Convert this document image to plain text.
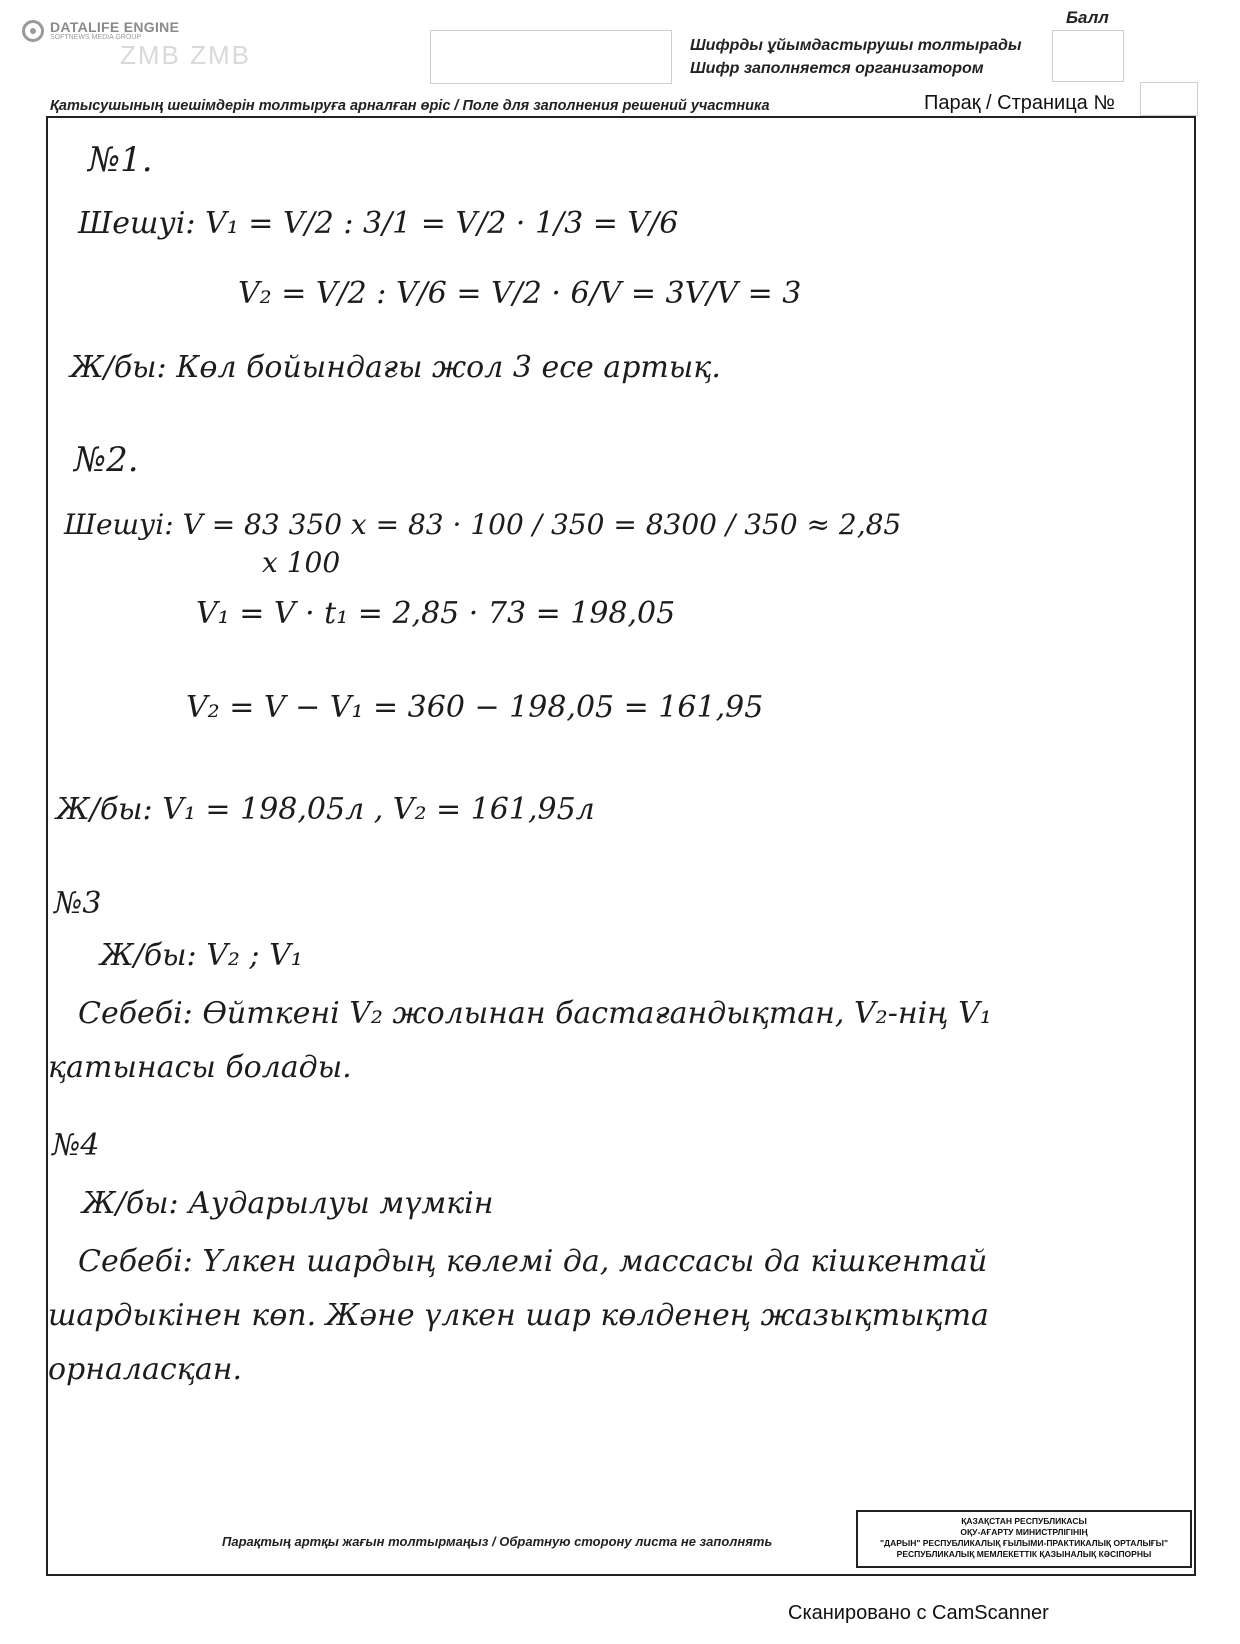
DATALIFE ENGINE
SOFTNEWS MEDIA GROUP
ZMB ZMB	Шифрды ұйымдастырушы толтырады
Шифр заполняется организатором
Балл
Қатысушының шешімдерін толтыруға арналған өріс / Поле для заполнения решений участника	Парақ / Страница №
№1.
Шешуі: V₁ = V/2 : 3/1 = V/2 · 1/3 = V/6
V₂ = V/2 : V/6 = V/2 · 6/V = 3V/V = 3
Ж/бы: Көл бойындағы жол 3 есе артық.
№2.
Шешуі: V = 83 350 x = 83 · 100 / 350 = 8300 / 350 ≈ 2,85
x 100
V₁ = V · t₁ = 2,85 · 73 = 198,05
V₂ = V − V₁ = 360 − 198,05 = 161,95
Ж/бы: V₁ = 198,05л , V₂ = 161,95л
№3
Ж/бы: V₂ ; V₁
Себебі: Өйткені V₂ жолынан бастағандықтан, V₂-нің V₁
қатынасы болады.
№4
Ж/бы: Аударылуы мүмкін
Себебі: Үлкен шардың көлемі да, массасы да кішкентай
шардыкінен көп. Және үлкен шар көлденең жазықтықта
орналасқан.
Парақтың артқы жағын толтырмаңыз / Обратную сторону листа не заполнять
ҚАЗАҚСТАН РЕСПУБЛИКАСЫ
ОҚУ-АҒАРТУ МИНИСТРЛІГІНІҢ
"ДАРЫН" РЕСПУБЛИКАЛЫҚ ҒЫЛЫМИ-ПРАКТИКАЛЫҚ ОРТАЛЫҒЫ"
РЕСПУБЛИКАЛЫҚ МЕМЛЕКЕТТІК ҚАЗЫНАЛЫҚ КӘСІПОРНЫ
Сканировано с CamScanner
